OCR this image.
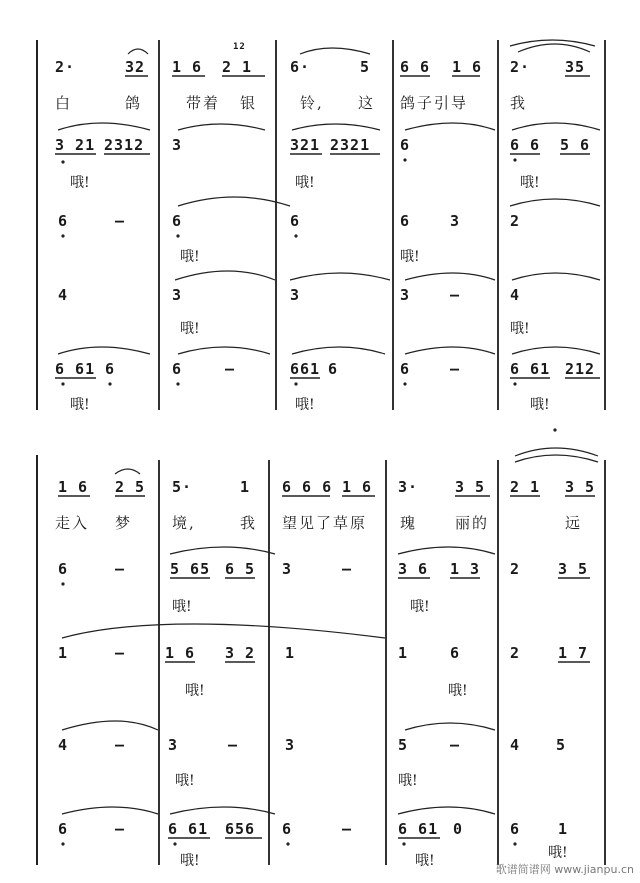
2·	32 1 6 2 1
12
6·	5 6 6 1 6 2· 35
白	鸽	带着 银	铃, 这 鸽子引导	我
3 21 2312 3	321 2321 6	6 6 5 6
哦!	哦!	哦!
6	–	6	6	6	3	2
哦!	哦!
4	3	3	3	–	4
哦!	哦!
6 61 6	6	–	661 6	6	–	6 61 212
哦!	哦!	哦!
1 6 2 5 5·	1 6 6 6 1 6 3· 3 5 2 1 3 5
走入 梦	境,	我 望见了草原 瑰	丽的	远
6	–	5 65 6 5 3	–	3 6 1 3 2	3 5
哦!	哦!
1	–	1 6 3 2 1	1	6	2	1 7
哦!	哦!
4	–	3	–	3	5	–	4 5
哦!	哦!
6	–	6 61 656 6	–	6 61 0	6	1
哦!	哦!	哦!
歌谱简谱网 www.jianpu.cn
